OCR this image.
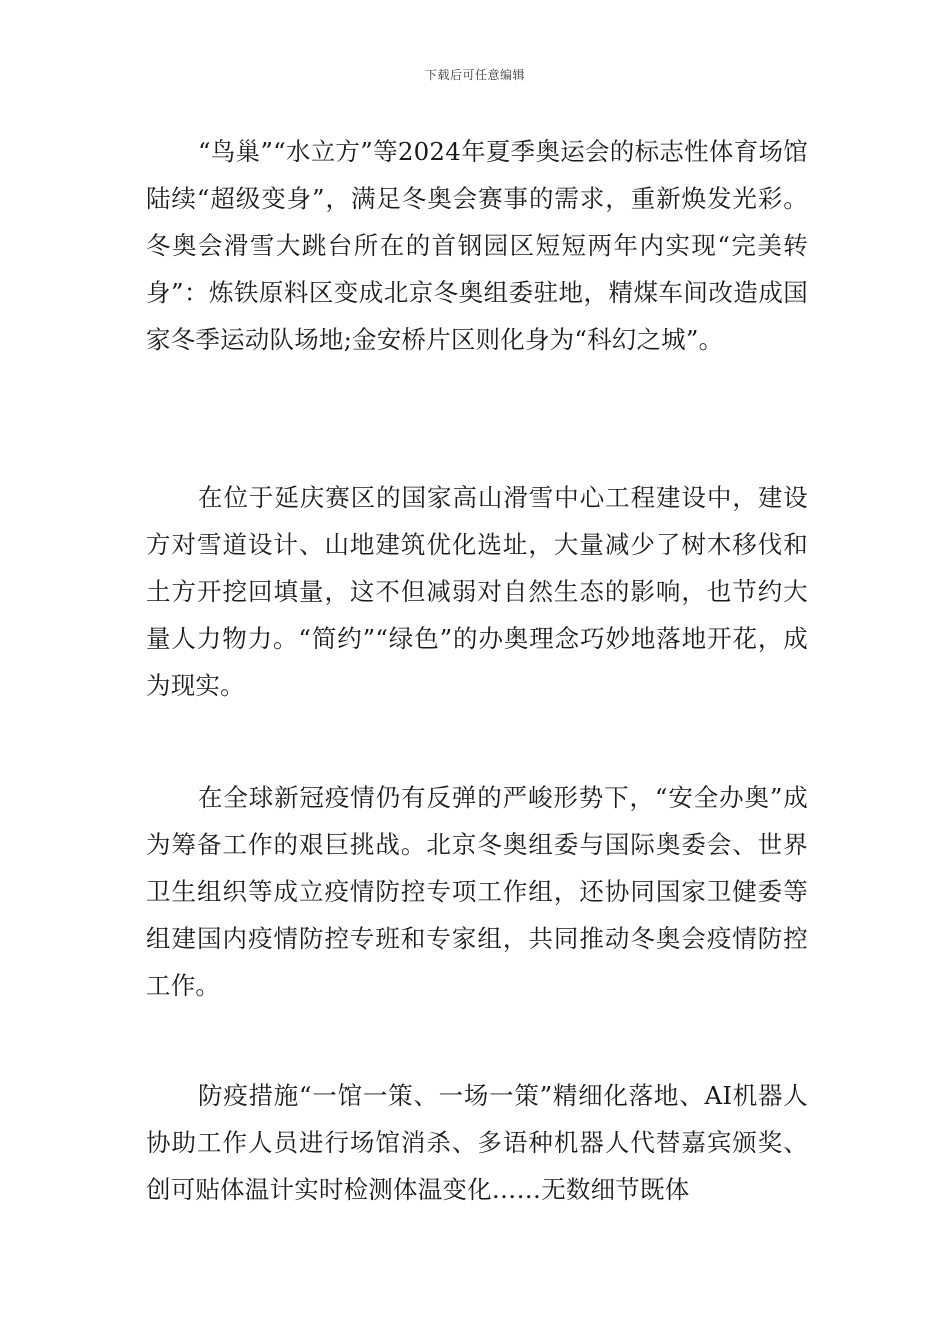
下载后可任意编辑

“鸟巢”“水立方”等2024年夏季奥运会的标志性体育场馆陆续“超级变身”，满足冬奥会赛事的需求，重新焕发光彩。冬奥会滑雪大跳台所在的首钢园区短短两年内实现“完美转身”：炼铁原料区变成北京冬奥组委驻地，精煤车间改造成国家冬季运动队场地;金安桥片区则化身为“科幻之城”。

在位于延庆赛区的国家高山滑雪中心工程建设中，建设方对雪道设计、山地建筑优化选址，大量减少了树木移伐和土方开挖回填量，这不但减弱对自然生态的影响，也节约大量人力物力。“简约”“绿色”的办奥理念巧妙地落地开花，成为现实。

在全球新冠疫情仍有反弹的严峻形势下，“安全办奥”成为筹备工作的艰巨挑战。北京冬奥组委与国际奥委会、世界卫生组织等成立疫情防控专项工作组，还协同国家卫健委等组建国内疫情防控专班和专家组，共同推动冬奥会疫情防控工作。

防疫措施“一馆一策、一场一策”精细化落地、AI机器人协助工作人员进行场馆消杀、多语种机器人代替嘉宾颁奖、创可贴体温计实时检测体温变化……无数细节既体
